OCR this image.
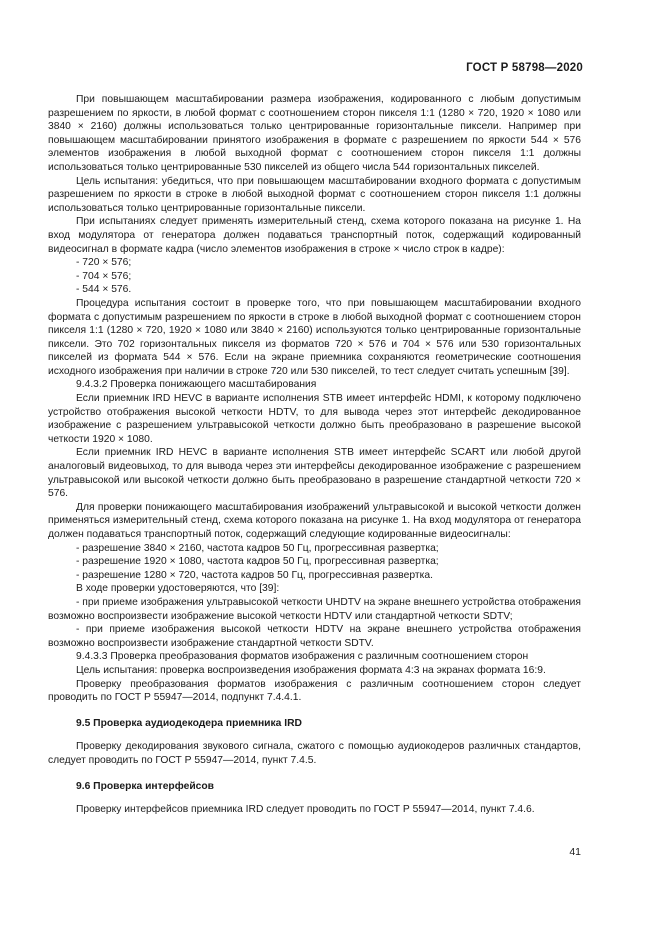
ГОСТ Р 58798—2020

При повышающем масштабировании размера изображения, кодированного с любым допустимым разрешением по яркости, в любой формат с соотношением сторон пикселя 1:1 (1280 × 720, 1920 × 1080 или 3840 × 2160) должны использоваться только центрированные горизонтальные пиксели. Например при повышающем масштабировании принятого изображения в формате с разрешением по яркости 544 × 576 элементов изображения в любой выходной формат с соотношением сторон пикселя 1:1 должны использоваться только центрированные 530 пикселей из общего числа 544 горизонтальных пикселей.

Цель испытания: убедиться, что при повышающем масштабировании входного формата с допустимым разрешением по яркости в строке в любой выходной формат с соотношением сторон пикселя 1:1 должны использоваться только центрированные горизонтальные пиксели.

При испытаниях следует применять измерительный стенд, схема которого показана на рисунке 1. На вход модулятора от генератора должен подаваться транспортный поток, содержащий кодированный видеосигнал в формате кадра (число элементов изображения в строке × число строк в кадре):

- 720 × 576;

- 704 × 576;

- 544 × 576.

Процедура испытания состоит в проверке того, что при повышающем масштабировании входного формата с допустимым разрешением по яркости в строке в любой выходной формат с соотношением сторон пикселя 1:1 (1280 × 720, 1920 × 1080 или 3840 × 2160) используются только центрированные горизонтальные пиксели. Это 702 горизонтальных пикселя из форматов 720 × 576 и 704 × 576 или 530 горизонтальных пикселей из формата 544 × 576. Если на экране приемника сохраняются геометрические соотношения исходного изображения при наличии в строке 720 или 530 пикселей, то тест следует считать успешным [39].

9.4.3.2 Проверка понижающего масштабирования

Если приемник IRD HEVC в варианте исполнения STB имеет интерфейс HDMI, к которому подключено устройство отображения высокой четкости HDTV, то для вывода через этот интерфейс декодированное изображение с разрешением ультравысокой четкости должно быть преобразовано в разрешение высокой четкости 1920 × 1080.

Если приемник IRD HEVC в варианте исполнения STB имеет интерфейс SCART или любой другой аналоговый видеовыход, то для вывода через эти интерфейсы декодированное изображение с разрешением ультравысокой или высокой четкости должно быть преобразовано в разрешение стандартной четкости 720 × 576.

Для проверки понижающего масштабирования изображений ультравысокой и высокой четкости должен применяться измерительный стенд, схема которого показана на рисунке 1. На вход модулятора от генератора должен подаваться транспортный поток, содержащий следующие кодированные видеосигналы:

- разрешение 3840 × 2160, частота кадров 50 Гц, прогрессивная развертка;

- разрешение 1920 × 1080, частота кадров 50 Гц, прогрессивная развертка;

- разрешение 1280 × 720, частота кадров 50 Гц, прогрессивная развертка.

В ходе проверки удостоверяются, что [39]:

- при приеме изображения ультравысокой четкости UHDTV на экране внешнего устройства отображения возможно воспроизвести изображение высокой четкости HDTV или стандартной четкости SDTV;

- при приеме изображения высокой четкости HDTV на экране внешнего устройства отображения возможно воспроизвести изображение стандартной четкости SDTV.

9.4.3.3 Проверка преобразования форматов изображения с различным соотношением сторон

Цель испытания: проверка воспроизведения изображения формата 4:3 на экранах формата 16:9.

Проверку преобразования форматов изображения с различным соотношением сторон следует проводить по ГОСТ Р 55947—2014, подпункт 7.4.4.1.

9.5 Проверка аудиодекодера приемника IRD

Проверку декодирования звукового сигнала, сжатого с помощью аудиокодеров различных стандартов, следует проводить по ГОСТ Р 55947—2014, пункт 7.4.5.

9.6 Проверка интерфейсов

Проверку интерфейсов приемника IRD следует проводить по ГОСТ Р 55947—2014, пункт 7.4.6.

41
